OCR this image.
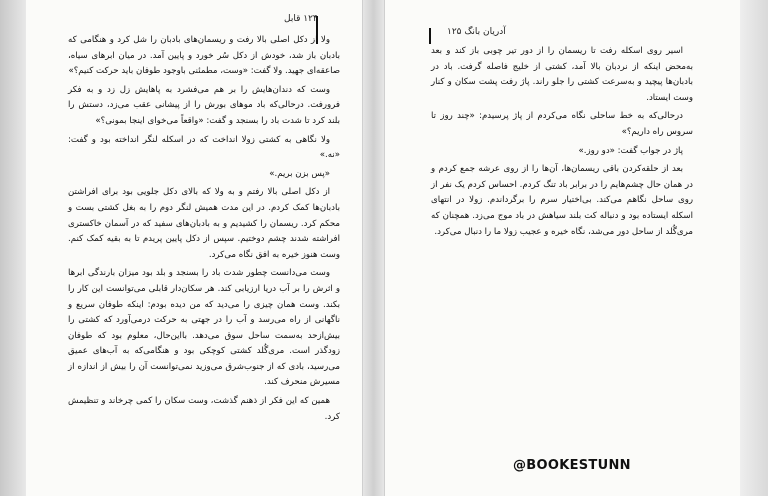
۱۲۴ قابل

ولا از دکل اصلی بالا رفت و ریسمان‌های بادبان را شل کرد و هنگامی که بادبان باز شد، خودش از دکل سُر خورد و پایین آمد. در میان ابرهای سیاه، صاعقه‌ای جهید. ولا گفت: «وست، مطمئنی باوجود طوفان باید حرکت کنیم؟»

وست که دندان‌هایش را بر هم می‌فشرد به پاهایش زل زد و به فکر فرورفت. درحالی‌که باد موهای بورش را از پیشانی عقب می‌زد، دستش را بلند کرد تا شدت باد را بسنجد و گفت: «واقعاً می‌خوای اینجا بمونی؟»

ولا نگاهی به کشتی زولا انداخت که در اسکله لنگر انداخته بود و گفت: «نه.»

«پس بزن بریم.»

از دکل اصلی بالا رفتم و به ولا که بالای دکل جلویی بود برای افراشتن بادبان‌ها کمک کردم. در این مدت همیش لنگر دوم را به بغل کشتی بست و محکم کرد. ریسمان را کشیدیم و به بادبان‌های سفید که در آسمان خاکستری افراشته شدند چشم دوختیم. سپس از دکل پایین پریدم تا به بقیه کمک کنم. وست هنوز خیره به افق نگاه می‌کرد.

وست می‌دانست چطور شدت باد را بسنجد و بلد بود میزان بارندگی ابرها و اثرش را بر آب دریا ارزیابی کند. هر سکان‌دار قابلی می‌توانست این کار را بکند. وست همان چیزی را می‌دید که من دیده بودم: اینکه طوفان سریع و ناگهانی از راه می‌رسد و آب را در جهتی به حرکت درمی‌آورد که کشتی را بیش‌ازحد به‌سمت ساحل سوق می‌دهد. بااین‌حال، معلوم بود که طوفان زودگذر است. مری‌گُلد کشتی کوچکی بود و هنگامی‌که به آب‌های عمیق می‌رسید، بادی که از جنوب‌شرق می‌وزید نمی‌توانست آن را بیش از اندازه از مسیرش منحرف کند.

همین که این فکر از ذهنم گذشت، وست سکان را کمی چرخاند و تنظیمش کرد.

آدریان بانگ ۱۲۵

اسیر روی اسکله رفت تا ریسمان را از دور تیر چوبی باز کند و بعد به‌محض اینکه از نردبان بالا آمد، کشتی از خلیج فاصله گرفت. باد در بادبان‌ها پیچید و به‌سرعت کشتی را جلو راند. پاژ رفت پشت سکان و کنار وست ایستاد.

درحالی‌که به خط ساحلی نگاه می‌کردم از پاژ پرسیدم: «چند روز تا سروس راه داریم؟»

پاژ در جواب گفت: «دو روز.»

بعد از حلقه‌کردن باقی ریسمان‌ها، آن‌ها را از روی عرشه جمع کردم و در همان حال چشم‌هایم را در برابر باد تنگ کردم. احساس کردم یک نفر از روی ساحل نگاهم می‌کند. بی‌اختیار سرم را برگرداندم. زولا در انتهای اسکله ایستاده بود و دنباله کت بلند سیاهش در باد موج می‌زد. همچنان که مری‌گُلد از ساحل دور می‌شد، نگاه خیره و عجیب زولا ما را دنبال می‌کرد.

@BOOKESTUNN
